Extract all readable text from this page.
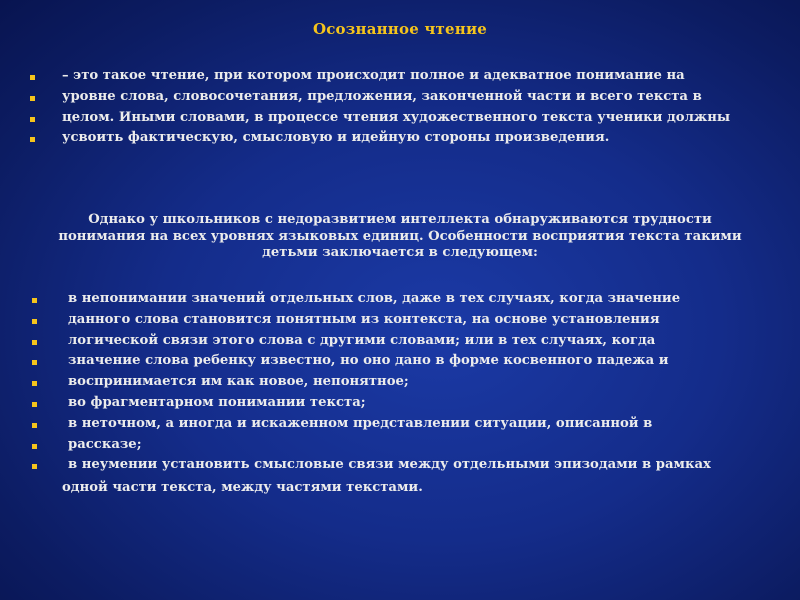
Осознанное чтение
– это такое чтение, при котором происходит полное и адекватное понимание на
уровне слова, словосочетания, предложения, законченной части и всего текста в
целом. Иными словами, в процессе чтения художественного текста ученики должны
усвоить фактическую, смысловую и идейную стороны произведения.
Однако у школьников с недоразвитием интеллекта обнаруживаются трудности
понимания на всех уровнях языковых единиц. Особенности восприятия текста такими
детьми заключается в следующем:
в непонимании значений отдельных слов, даже в тех случаях, когда значение
данного слова становится понятным из контекста, на основе установления
логической связи этого слова с другими словами; или в тех случаях, когда
значение слова ребенку известно, но оно дано в форме косвенного падежа и
воспринимается им как новое, непонятное;
во фрагментарном понимании текста;
в неточном, а иногда и искаженном представлении ситуации, описанной в
рассказе;
в неумении установить смысловые связи между отдельными эпизодами в рамках
одной части текста, между частями текстами.
